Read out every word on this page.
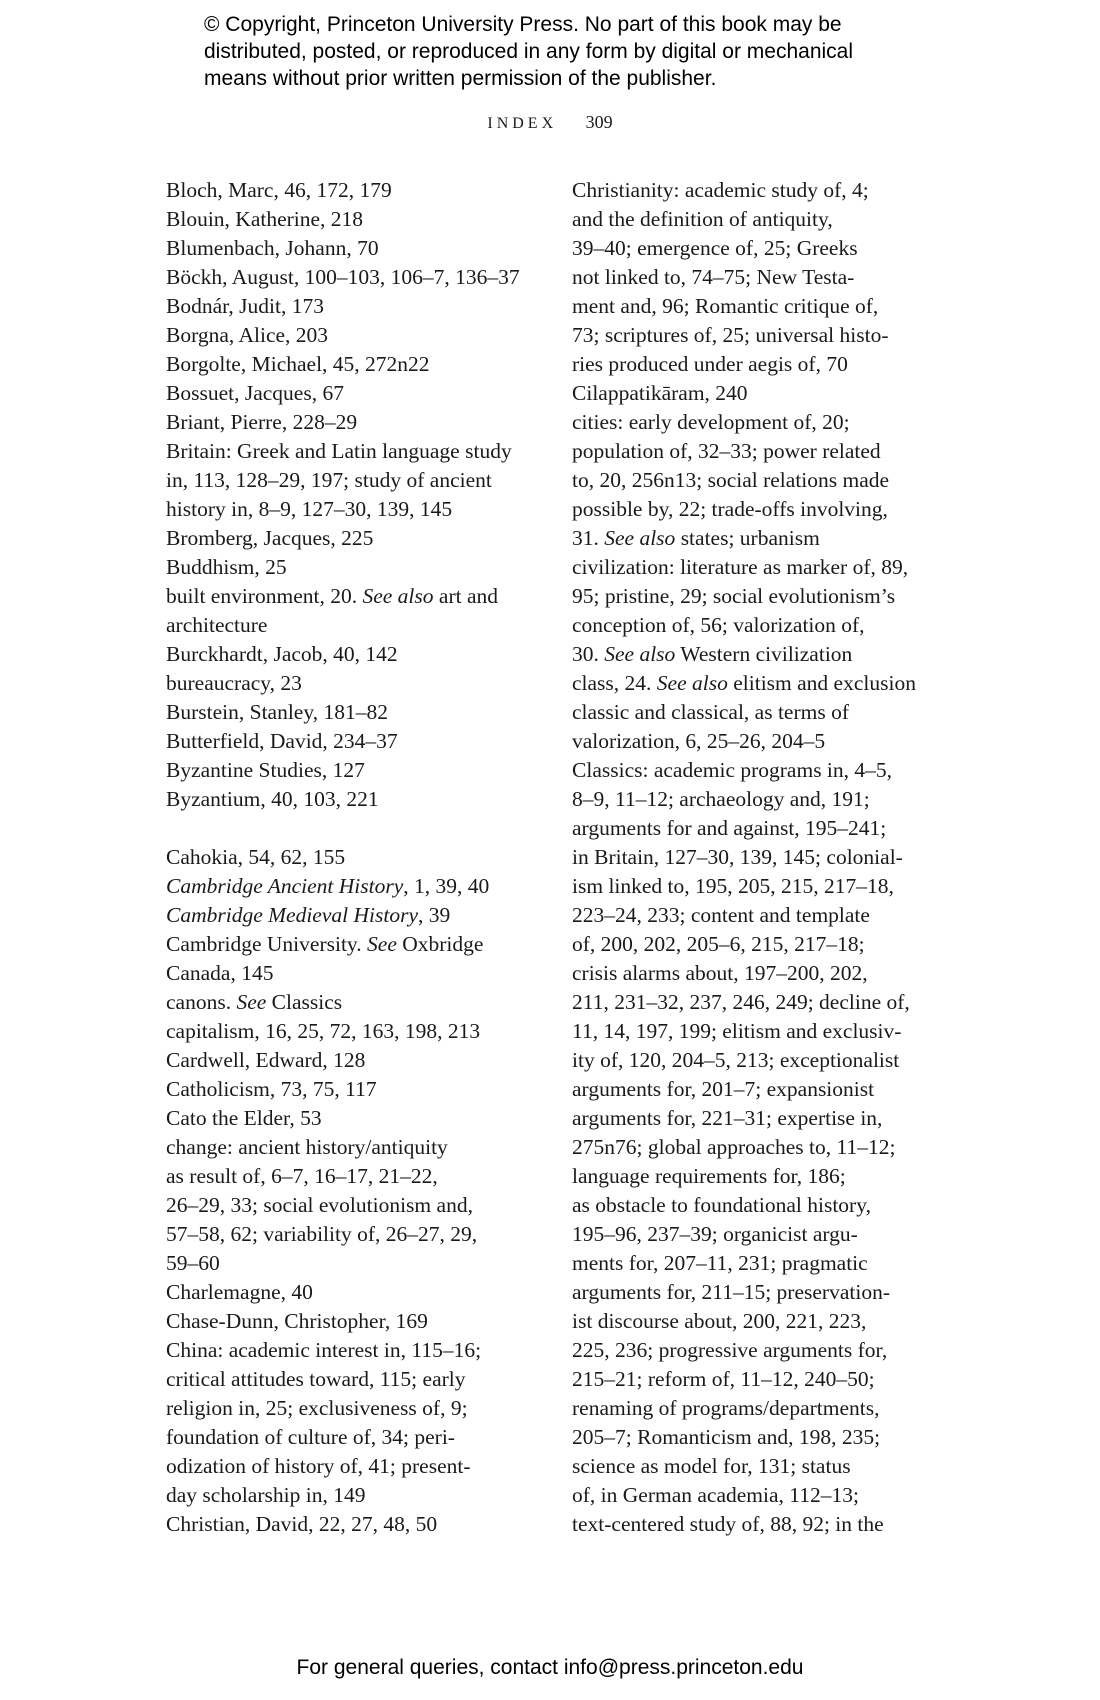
© Copyright, Princeton University Press. No part of this book may be
distributed, posted, or reproduced in any form by digital or mechanical
means without prior written permission of the publisher.
INDEX 309
Bloch, Marc, 46, 172, 179
Blouin, Katherine, 218
Blumenbach, Johann, 70
Böckh, August, 100–103, 106–7, 136–37
Bodnár, Judit, 173
Borgna, Alice, 203
Borgolte, Michael, 45, 272n22
Bossuet, Jacques, 67
Briant, Pierre, 228–29
Britain: Greek and Latin language study
in, 113, 128–29, 197; study of ancient
history in, 8–9, 127–30, 139, 145
Bromberg, Jacques, 225
Buddhism, 25
built environment, 20. See also art and
architecture
Burckhardt, Jacob, 40, 142
bureaucracy, 23
Burstein, Stanley, 181–82
Butterfield, David, 234–37
Byzantine Studies, 127
Byzantium, 40, 103, 221
Cahokia, 54, 62, 155
Cambridge Ancient History, 1, 39, 40
Cambridge Medieval History, 39
Cambridge University. See Oxbridge
Canada, 145
canons. See Classics
capitalism, 16, 25, 72, 163, 198, 213
Cardwell, Edward, 128
Catholicism, 73, 75, 117
Cato the Elder, 53
change: ancient history/antiquity
as result of, 6–7, 16–17, 21–22,
26–29, 33; social evolutionism and,
57–58, 62; variability of, 26–27, 29,
59–60
Charlemagne, 40
Chase-Dunn, Christopher, 169
China: academic interest in, 115–16;
critical attitudes toward, 115; early
religion in, 25; exclusiveness of, 9;
foundation of culture of, 34; peri-
odization of history of, 41; present-
day scholarship in, 149
Christian, David, 22, 27, 48, 50
Christianity: academic study of, 4;
and the definition of antiquity,
39–40; emergence of, 25; Greeks
not linked to, 74–75; New Testa-
ment and, 96; Romantic critique of,
73; scriptures of, 25; universal histo-
ries produced under aegis of, 70
Cilappatikāram, 240
cities: early development of, 20;
population of, 32–33; power related
to, 20, 256n13; social relations made
possible by, 22; trade-offs involving,
31. See also states; urbanism
civilization: literature as marker of, 89,
95; pristine, 29; social evolutionism’s
conception of, 56; valorization of,
30. See also Western civilization
class, 24. See also elitism and exclusion
classic and classical, as terms of
valorization, 6, 25–26, 204–5
Classics: academic programs in, 4–5,
8–9, 11–12; archaeology and, 191;
arguments for and against, 195–241;
in Britain, 127–30, 139, 145; colonial-
ism linked to, 195, 205, 215, 217–18,
223–24, 233; content and template
of, 200, 202, 205–6, 215, 217–18;
crisis alarms about, 197–200, 202,
211, 231–32, 237, 246, 249; decline of,
11, 14, 197, 199; elitism and exclusiv-
ity of, 120, 204–5, 213; exceptionalist
arguments for, 201–7; expansionist
arguments for, 221–31; expertise in,
275n76; global approaches to, 11–12;
language requirements for, 186;
as obstacle to foundational history,
195–96, 237–39; organicist argu-
ments for, 207–11, 231; pragmatic
arguments for, 211–15; preservation-
ist discourse about, 200, 221, 223,
225, 236; progressive arguments for,
215–21; reform of, 11–12, 240–50;
renaming of programs/departments,
205–7; Romanticism and, 198, 235;
science as model for, 131; status
of, in German academia, 112–13;
text-centered study of, 88, 92; in the
For general queries, contact info@press.princeton.edu
